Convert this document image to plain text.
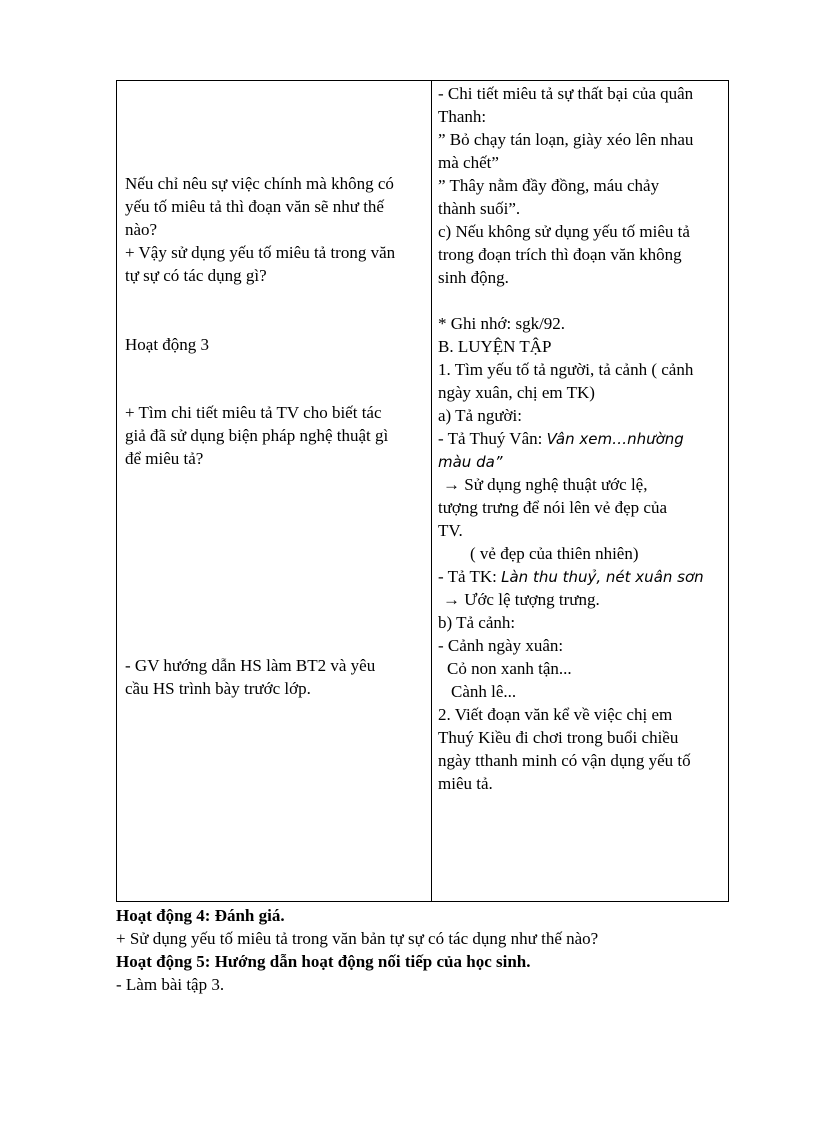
Nếu chỉ nêu sự việc chính mà không có
yếu tố miêu tả thì đoạn văn sẽ như thế
nào?
+ Vậy sử dụng yếu tố miêu tả trong văn
tự sự có tác dụng gì?
Hoạt động 3
+ Tìm chi tiết miêu tả TV cho biết tác
giả đã sử dụng biện pháp nghệ thuật gì
để miêu tả?
- GV hướng dẫn HS làm BT2 và yêu
cầu HS trình bày trước lớp.
- Chi tiết miêu tả sự thất bại của quân
Thanh:
” Bỏ chạy tán loạn, giày xéo lên nhau
mà chết”
” Thây nằm đầy đồng, máu chảy
thành suối”.
c) Nếu không sử dụng yếu tố miêu tả
trong đoạn trích thì đoạn văn không
sinh động.
* Ghi nhớ: sgk/92.
B. LUYỆN TẬP
1. Tìm yếu tố tả người, tả cảnh ( cảnh
ngày xuân, chị em TK)
a) Tả người:
- Tả Thuý Vân: Vân xem…nhường
màu da”
→ Sử dụng nghệ thuật ước lệ,
tượng trưng để nói lên vẻ đẹp của
TV.
( vẻ đẹp của thiên nhiên)
- Tả TK: Làn thu thuỷ, nét xuân sơn
→ Ước lệ tượng trưng.
b) Tả cảnh:
- Cảnh ngày xuân:
Cỏ non xanh tận...
Cành lê...
2. Viết đoạn văn kể về việc chị em
Thuý Kiều đi chơi trong buổi chiều
ngày tthanh minh có vận dụng yếu tố
miêu tả.
Hoạt động 4: Đánh giá.
+ Sử dụng yếu tố miêu tả trong văn bản tự sự có tác dụng như thế nào?
Hoạt động 5: Hướng dẫn hoạt động nối tiếp của học sinh.
- Làm bài tập 3.
